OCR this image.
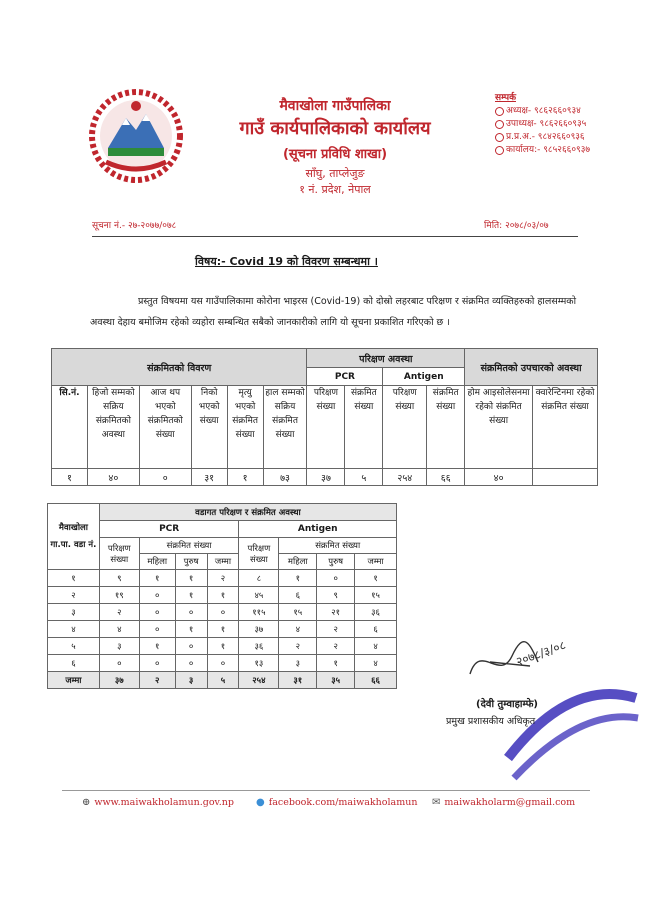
मैवाखोला गाउँपालिका
गाउँ कार्यपालिकाको कार्यालय
(सूचना प्रविधि शाखा)
साँघु, ताप्लेजुङ
१ नं. प्रदेश, नेपाल
सम्पर्क
अध्यक्ष- ९८६२६६०९३४
उपाध्यक्ष- ९८६२६६०९३५
प्र.प्र.अ.- ९८४२६६०९३६
कार्यालय:- ९८५२६६०९३७
सूचना नं.- २७-२०७७/०७८	मिति: २०७८/०३/०७
विषय:- Covid 19 को विवरण सम्बन्धमा ।
प्रस्तुत विषयमा यस गाउँपालिकामा कोरोना भाइरस (Covid-19) को दोस्रो लहरबाट परिक्षण र संक्रमित व्यक्तिहरुको हालसम्मको अवस्था देहाय बमोजिम रहेको व्यहोरा सम्बन्धित सबैको जानकारीको लागि यो सूचना प्रकाशित गरिएको छ ।
संक्रमितको विवरण						परिक्षण अवस्था				संक्रमितको उपचारको अवस्था	
						PCR		Antigen			
सि.नं.	हिजो सम्मको सक्रिय संक्रमितको अवस्था	आज थप भएको संक्रमितको संख्या	निको भएको संख्या	मृत्यु भएको संक्रमित संख्या	हाल सम्मको सक्रिय संक्रमित संख्या	परिक्षण संख्या	संक्रमित संख्या	परिक्षण संख्या	संक्रमित संख्या	होम आइसोलेसनमा रहेको संक्रमित संख्या	क्वारेन्टिनमा रहेको संक्रमित संख्या
१	४०	०	३१	१	७३	३७	५	२५४	६६	४०	
मैवाखोला गा.पा. वडा नं.	वडागत परिक्षण र संक्रमित अवस्था							
	PCR				Antigen			
	परिक्षण संख्या	संक्रमित संख्या			परिक्षण संख्या	संक्रमित संख्या		
		महिला	पुरुष	जम्मा		महिला	पुरुष	जम्मा
१	९	१	१	२	८	१	०	१
२	१९	०	१	१	४५	६	९	१५
३	२	०	०	०	११५	१५	२१	३६
४	४	०	१	१	३७	४	२	६
५	३	१	०	१	३६	२	२	४
६	०	०	०	०	१३	३	१	४
जम्मा	३७	२	३	५	२५४	३१	३५	६६
२०७८/३/०८
(देवी तुम्वाहाम्फे)
प्रमुख प्रशासकीय अधिकृत
⊕ www.maiwakholamun.gov.np ● facebook.com/maiwakholamun ✉ maiwakholarm@gmail.com
